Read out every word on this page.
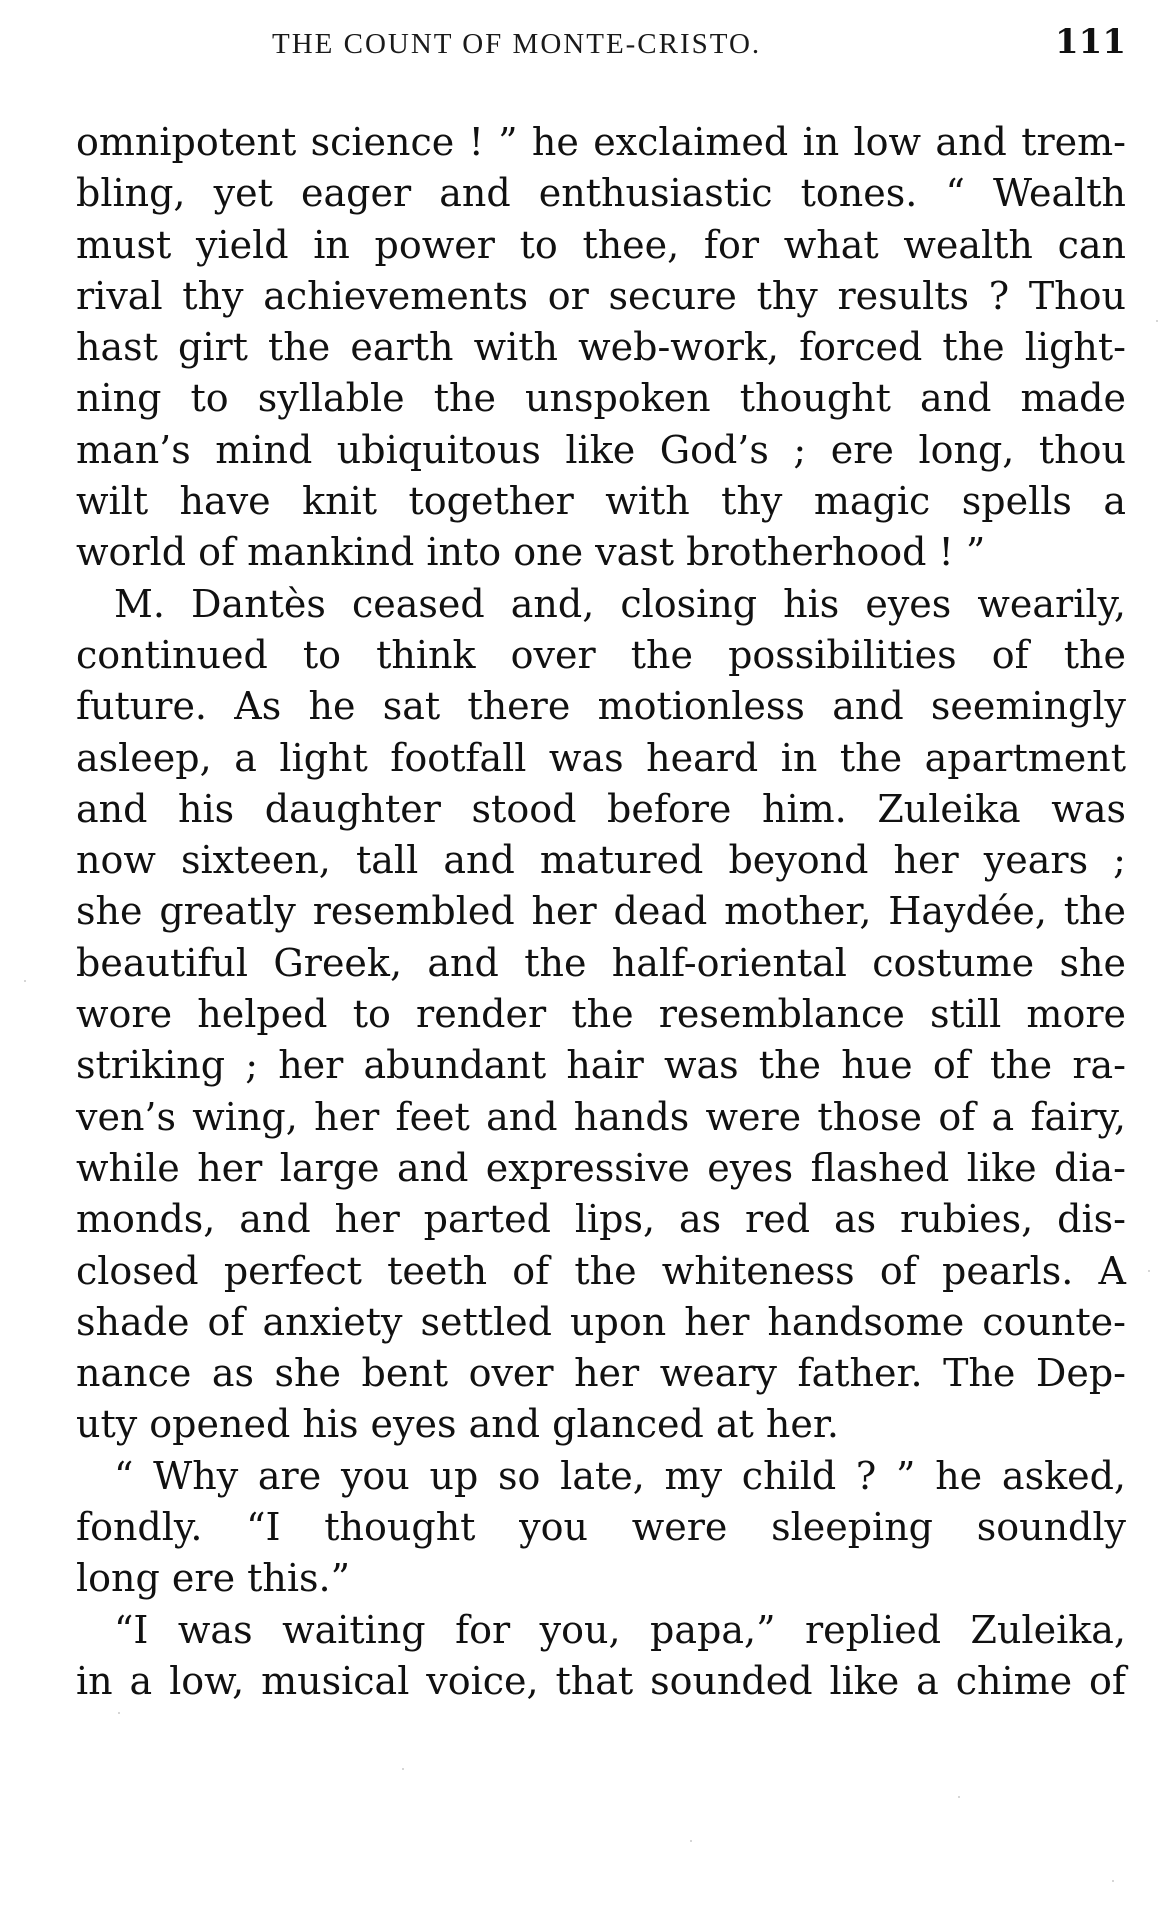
THE COUNT OF MONTE-CRISTO.	111
omnipotent science ! ” he exclaimed in low and trem-
bling, yet eager and enthusiastic tones. “ Wealth
must yield in power to thee, for what wealth can
rival thy achievements or secure thy results ? Thou
hast girt the earth with web-work, forced the light-
ning to syllable the unspoken thought and made
man’s mind ubiquitous like God’s ; ere long, thou
wilt have knit together with thy magic spells a
world of mankind into one vast brotherhood ! ”
M. Dantès ceased and, closing his eyes wearily,
continued to think over the possibilities of the
future. As he sat there motionless and seemingly
asleep, a light footfall was heard in the apartment
and his daughter stood before him. Zuleika was
now sixteen, tall and matured beyond her years ;
she greatly resembled her dead mother, Haydée, the
beautiful Greek, and the half-oriental costume she
wore helped to render the resemblance still more
striking ; her abundant hair was the hue of the ra-
ven’s wing, her feet and hands were those of a fairy,
while her large and expressive eyes flashed like dia-
monds, and her parted lips, as red as rubies, dis-
closed perfect teeth of the whiteness of pearls. A
shade of anxiety settled upon her handsome counte-
nance as she bent over her weary father. The Dep-
uty opened his eyes and glanced at her.
“ Why are you up so late, my child ? ” he asked,
fondly. “I thought you were sleeping soundly
long ere this.”
“I was waiting for you, papa,” replied Zuleika,
in a low, musical voice, that sounded like a chime of
